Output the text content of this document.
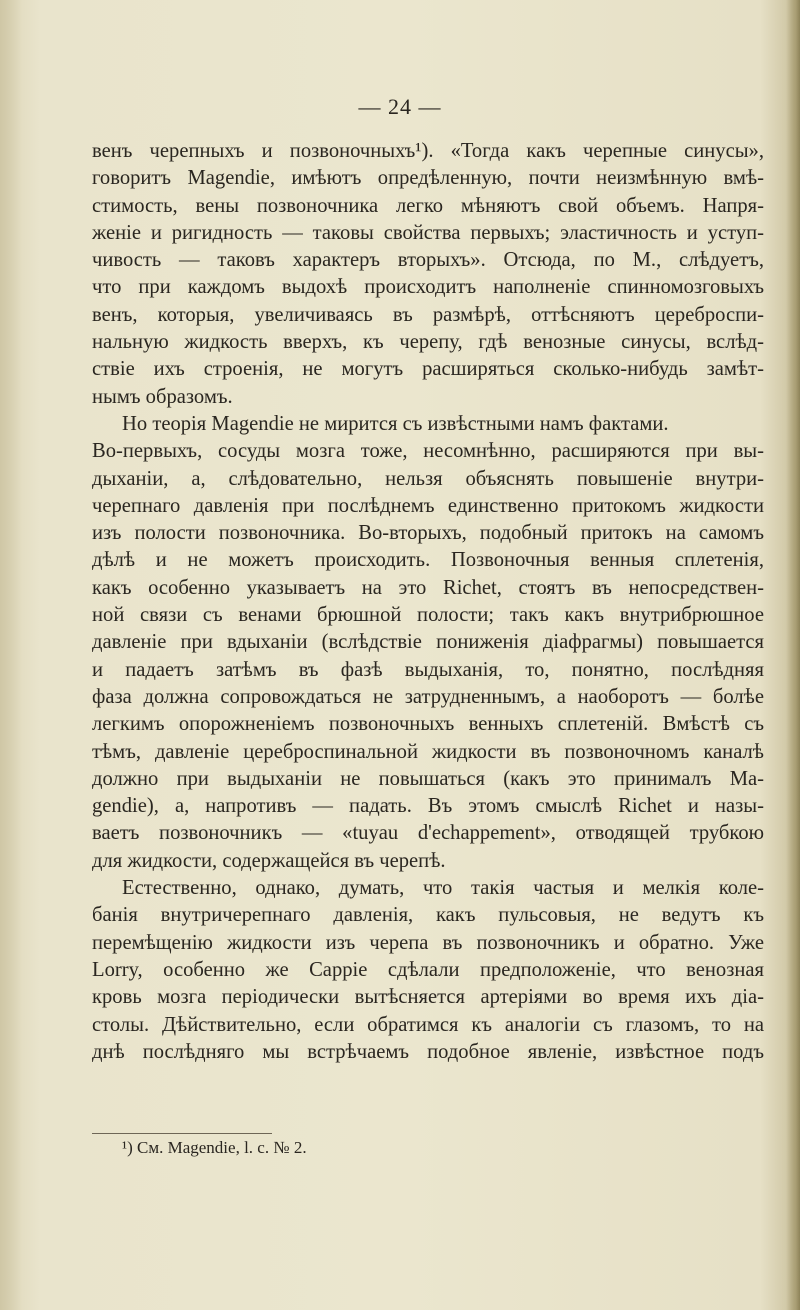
— 24 —

венъ черепныхъ и позвоночныхъ¹). «Тогда какъ черепные синусы»,
говоритъ Magendie, имѣютъ опредѣленную, почти неизмѣнную вмѣ-
стимость, вены позвоночника легко мѣняютъ свой объемъ. Напря-
женіе и ригидность — таковы свойства первыхъ; эластичность и уступ-
чивость — таковъ характеръ вторыхъ». Отсюда, по M., слѣдуетъ,
что при каждомъ выдохѣ происходитъ наполненіе спинномозговыхъ
венъ, которыя, увеличиваясь въ размѣрѣ, оттѣсняютъ цереброспи-
нальную жидкость вверхъ, къ черепу, гдѣ венозные синусы, вслѣд-
ствіе ихъ строенія, не могутъ расширяться сколько-нибудь замѣт-
нымъ образомъ.

Но теорія Magendie не мирится съ извѣстными намъ фактами.
Во-первыхъ, сосуды мозга тоже, несомнѣнно, расширяются при вы-
дыханіи, а, слѣдовательно, нельзя объяснять повышеніе внутри-
черепнаго давленія при послѣднемъ единственно притокомъ жидкости
изъ полости позвоночника. Во-вторыхъ, подобный притокъ на самомъ
дѣлѣ и не можетъ происходить. Позвоночныя венныя сплетенія,
какъ особенно указываетъ на это Richet, стоятъ въ непосредствен-
ной связи съ венами брюшной полости; такъ какъ внутрибрюшное
давленіе при вдыханіи (вслѣдствіе пониженія діафрагмы) повышается
и падаетъ затѣмъ въ фазѣ выдыханія, то, понятно, послѣдняя
фаза должна сопровождаться не затрудненнымъ, а наоборотъ — болѣе
легкимъ опорожненіемъ позвоночныхъ венныхъ сплетеній. Вмѣстѣ съ
тѣмъ, давленіе цереброспинальной жидкости въ позвоночномъ каналѣ
должно при выдыханіи не повышаться (какъ это принималъ Ma-
gendie), а, напротивъ — падать. Въ этомъ смыслѣ Richet и назы-
ваетъ позвоночникъ — «tuyau d'echappement», отводящей трубкою
для жидкости, содержащейся въ черепѣ.

Естественно, однако, думать, что такія частыя и мелкія коле-
банія внутричерепнаго давленія, какъ пульсовыя, не ведутъ къ
перемѣщенію жидкости изъ черепа въ позвоночникъ и обратно. Уже
Lorry, особенно же Cappie сдѣлали предположеніе, что венозная
кровь мозга періодически вытѣсняется артеріями во время ихъ діа-
столы. Дѣйствительно, если обратимся къ аналогіи съ глазомъ, то на
днѣ послѣдняго мы встрѣчаемъ подобное явленіе, извѣстное подъ

¹) См. Magendie, l. c. № 2.
